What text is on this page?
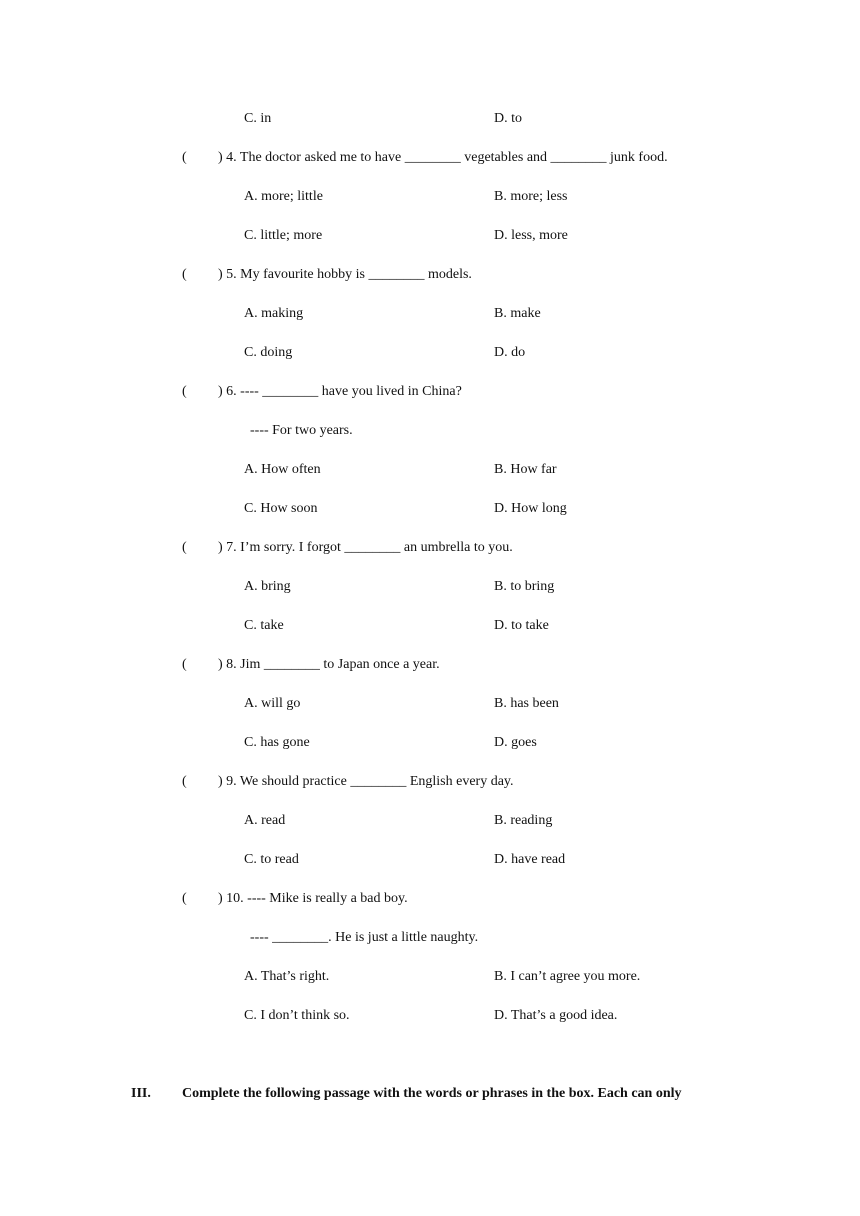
C. in	D. to
( ) 4. The doctor asked me to have ________ vegetables and ________ junk food.
A. more; little	B. more; less
C. little; more	D. less, more
( ) 5. My favourite hobby is ________ models.
A. making	B. make
C. doing	D. do
( ) 6. ---- ________ have you lived in China?
---- For two years.
A. How often	B. How far
C. How soon	D. How long
( ) 7. I’m sorry. I forgot ________ an umbrella to you.
A. bring	B. to bring
C. take	D. to take
( ) 8. Jim ________ to Japan once a year.
A. will go	B. has been
C. has gone	D. goes
( ) 9. We should practice ________ English every day.
A. read	B. reading
C. to read	D. have read
( ) 10. ---- Mike is really a bad boy.
---- ________. He is just a little naughty.
A. That’s right.	B. I can’t agree you more.
C. I don’t think so.	D. That’s a good idea.
III. Complete the following passage with the words or phrases in the box. Each can only
